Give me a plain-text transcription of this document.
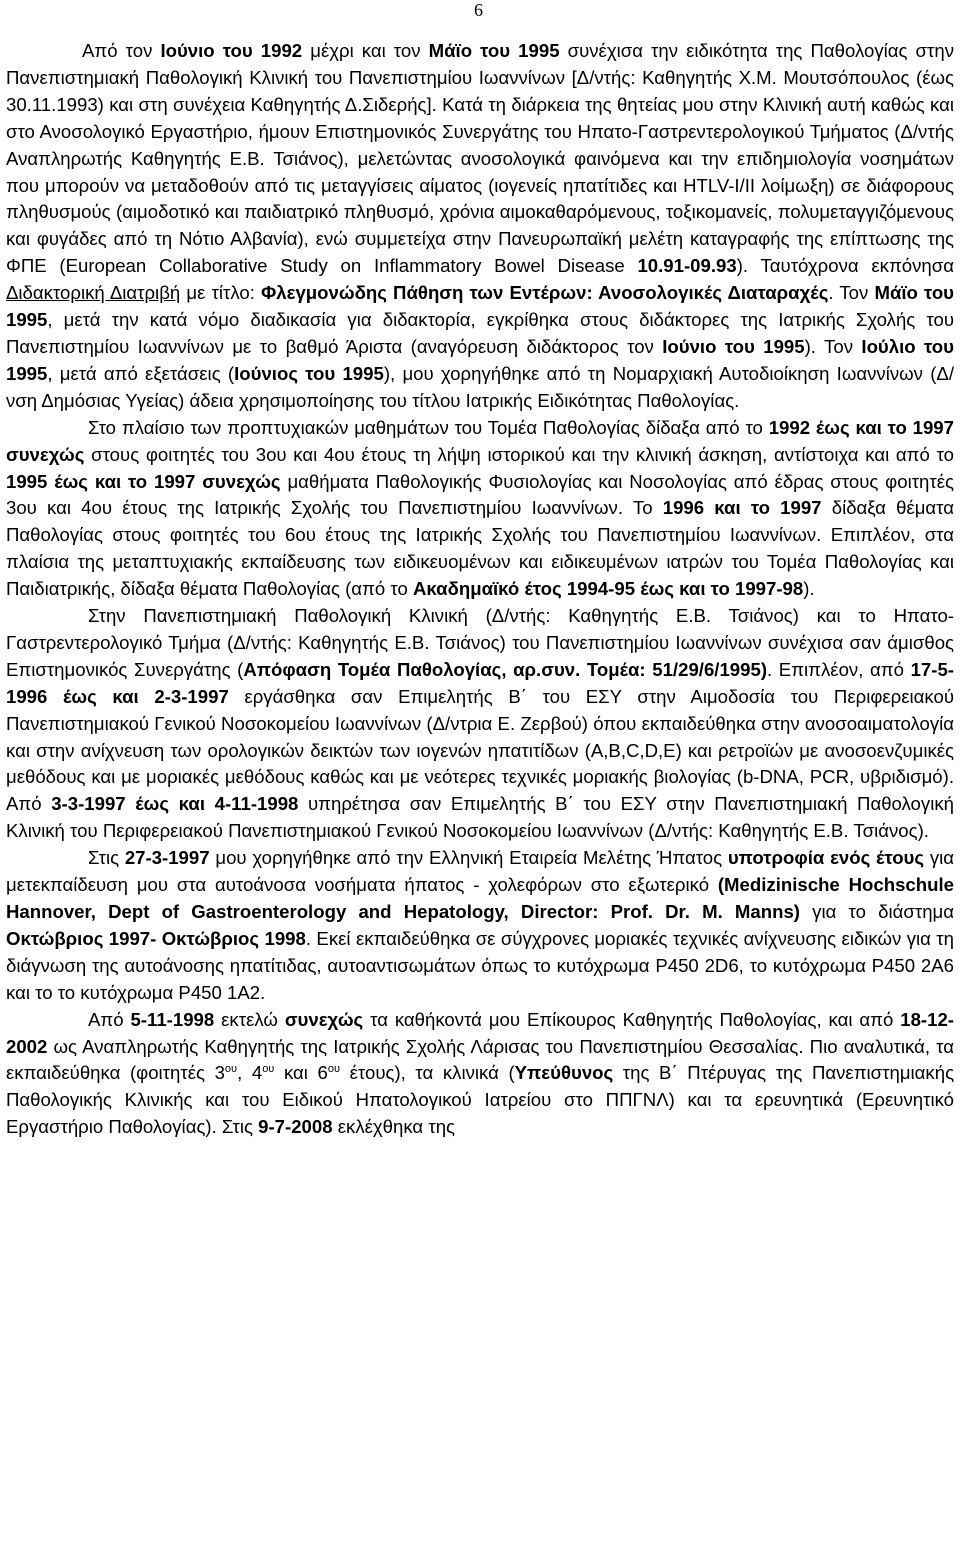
6

Από τον Ιούνιο του 1992 μέχρι και τον Μάϊο του 1995 συνέχισα την ειδικότητα της Παθολογίας στην Πανεπιστημιακή Παθολογική Κλινική του Πανεπιστημίου Ιωαννίνων [Δ/ντής: Καθηγητής Χ.Μ. Μουτσόπουλος (έως 30.11.1993) και στη συνέχεια Καθηγητής Δ.Σιδερής]. Κατά τη διάρκεια της θητείας μου στην Κλινική αυτή καθώς και στο Ανοσολογικό Εργαστήριο, ήμουν Επιστημονικός Συνεργάτης του Ηπατο-Γαστρεντερολογικού Τμήματος (Δ/ντής Αναπληρωτής Καθηγητής Ε.Β. Τσιάνος), μελετώντας ανοσολογικά φαινόμενα και την επιδημιολογία νοσημάτων που μπορούν να μεταδοθούν από τις μεταγγίσεις αίματος (ιογενείς ηπατίτιδες και HTLV-I/II λοίμωξη) σε διάφορους πληθυσμούς (αιμοδοτικό και παιδιατρικό πληθυσμό, χρόνια αιμοκαθαρόμενους, τοξικομανείς, πολυμεταγγιζόμενους και φυγάδες από τη Νότιο Αλβανία), ενώ συμμετείχα στην Πανευρωπαϊκή μελέτη καταγραφής της επίπτωσης της ΦΠΕ (European Collaborative Study on Inflammatory Bowel Disease 10.91-09.93). Ταυτόχρονα εκπόνησα Διδακτορική Διατριβή με τίτλο: Φλεγμονώδης Πάθηση των Εντέρων: Ανοσολογικές Διαταραχές. Τον Μάϊο του 1995, μετά την κατά νόμο διαδικασία για διδακτορία, εγκρίθηκα στους διδάκτορες της Ιατρικής Σχολής του Πανεπιστημίου Ιωαννίνων με το βαθμό Άριστα (αναγόρευση διδάκτορος τον Ιούνιο του 1995). Τον Ιούλιο του 1995, μετά από εξετάσεις (Ιούνιος του 1995), μου χορηγήθηκε από τη Νομαρχιακή Αυτοδιοίκηση Ιωαννίνων (Δ/νση Δημόσιας Υγείας) άδεια χρησιμοποίησης του τίτλου Ιατρικής Ειδικότητας Παθολογίας.

Στο πλαίσιο των προπτυχιακών μαθημάτων του Τομέα Παθολογίας δίδαξα από το 1992 έως και το 1997 συνεχώς στους φοιτητές του 3ου και 4ου έτους τη λήψη ιστορικού και την κλινική άσκηση, αντίστοιχα και από το 1995 έως και το 1997 συνεχώς μαθήματα Παθολογικής Φυσιολογίας και Νοσολογίας από έδρας στους φοιτητές 3ου και 4ου έτους της Ιατρικής Σχολής του Πανεπιστημίου Ιωαννίνων. Το 1996 και το 1997 δίδαξα θέματα Παθολογίας στους φοιτητές του 6ου έτους της Ιατρικής Σχολής του Πανεπιστημίου Ιωαννίνων. Επιπλέον, στα πλαίσια της μεταπτυχιακής εκπαίδευσης των ειδικευομένων και ειδικευμένων ιατρών του Τομέα Παθολογίας και Παιδιατρικής, δίδαξα θέματα Παθολογίας (από το Ακαδημαϊκό έτος 1994-95 έως και το 1997-98).

Στην Πανεπιστημιακή Παθολογική Κλινική (Δ/ντής: Καθηγητής Ε.Β. Τσιάνος) και το Ηπατο-Γαστρεντερολογικό Τμήμα (Δ/ντής: Καθηγητής Ε.Β. Τσιάνος) του Πανεπιστημίου Ιωαννίνων συνέχισα σαν άμισθος Επιστημονικός Συνεργάτης (Απόφαση Τομέα Παθολογίας, αρ.συν. Τομέα: 51/29/6/1995). Επιπλέον, από 17-5-1996 έως και 2-3-1997 εργάσθηκα σαν Επιμελητής Β΄ του ΕΣΥ στην Αιμοδοσία του Περιφερειακού Πανεπιστημιακού Γενικού Νοσοκομείου Ιωαννίνων (Δ/ντρια Ε. Ζερβού) όπου εκπαιδεύθηκα στην ανοσοαιματολογία και στην ανίχνευση των ορολογικών δεικτών των ιογενών ηπατιτίδων (A,B,C,D,E) και ρετροϊών με ανοσοενζυμικές μεθόδους και με μοριακές μεθόδους καθώς και με νεότερες τεχνικές μοριακής βιολογίας (b-DNA, PCR, υβριδισμό). Από 3-3-1997 έως και 4-11-1998 υπηρέτησα σαν Επιμελητής Β΄ του ΕΣΥ στην Πανεπιστημιακή Παθολογική Κλινική του Περιφερειακού Πανεπιστημιακού Γενικού Νοσοκομείου Ιωαννίνων (Δ/ντής: Καθηγητής Ε.Β. Τσιάνος).

Στις 27-3-1997 μου χορηγήθηκε από την Ελληνική Εταιρεία Μελέτης Ήπατος υποτροφία ενός έτους για μετεκπαίδευση μου στα αυτοάνοσα νοσήματα ήπατος - χολεφόρων στο εξωτερικό (Medizinische Hochschule Hannover, Dept of Gastroenterology and Hepatology, Director: Prof. Dr. M. Manns) για το διάστημα Οκτώβριος 1997- Οκτώβριος 1998. Εκεί εκπαιδεύθηκα σε σύγχρονες μοριακές τεχνικές ανίχνευσης ειδικών για τη διάγνωση της αυτοάνοσης ηπατίτιδας, αυτοαντισωμάτων όπως το κυτόχρωμα P450 2D6, το κυτόχρωμα P450 2A6 και το το κυτόχρωμα P450 1A2.

Από 5-11-1998 εκτελώ συνεχώς τα καθήκοντά μου Επίκουρος Καθηγητής Παθολογίας, και από 18-12-2002 ως Αναπληρωτής Καθηγητής της Ιατρικής Σχολής Λάρισας του Πανεπιστημίου Θεσσαλίας. Πιο αναλυτικά, τα εκπαιδεύθηκα (φοιτητές $3^{o\upsilon}$, $4^{o\upsilon}$ και $6^{o\upsilon}$ έτους), τα κλινικά (Υπεύθυνος της Β΄ Πτέρυγας της Πανεπιστημιακής Παθολογικής Κλινικής και του Ειδικού Ηπατολογικού Ιατρείου στο ΠΠΓΝΛ) και τα ερευνητικά (Ερευνητικό Εργαστήριο Παθολογίας). Στις 9-7-2008 εκλέχθηκα της
